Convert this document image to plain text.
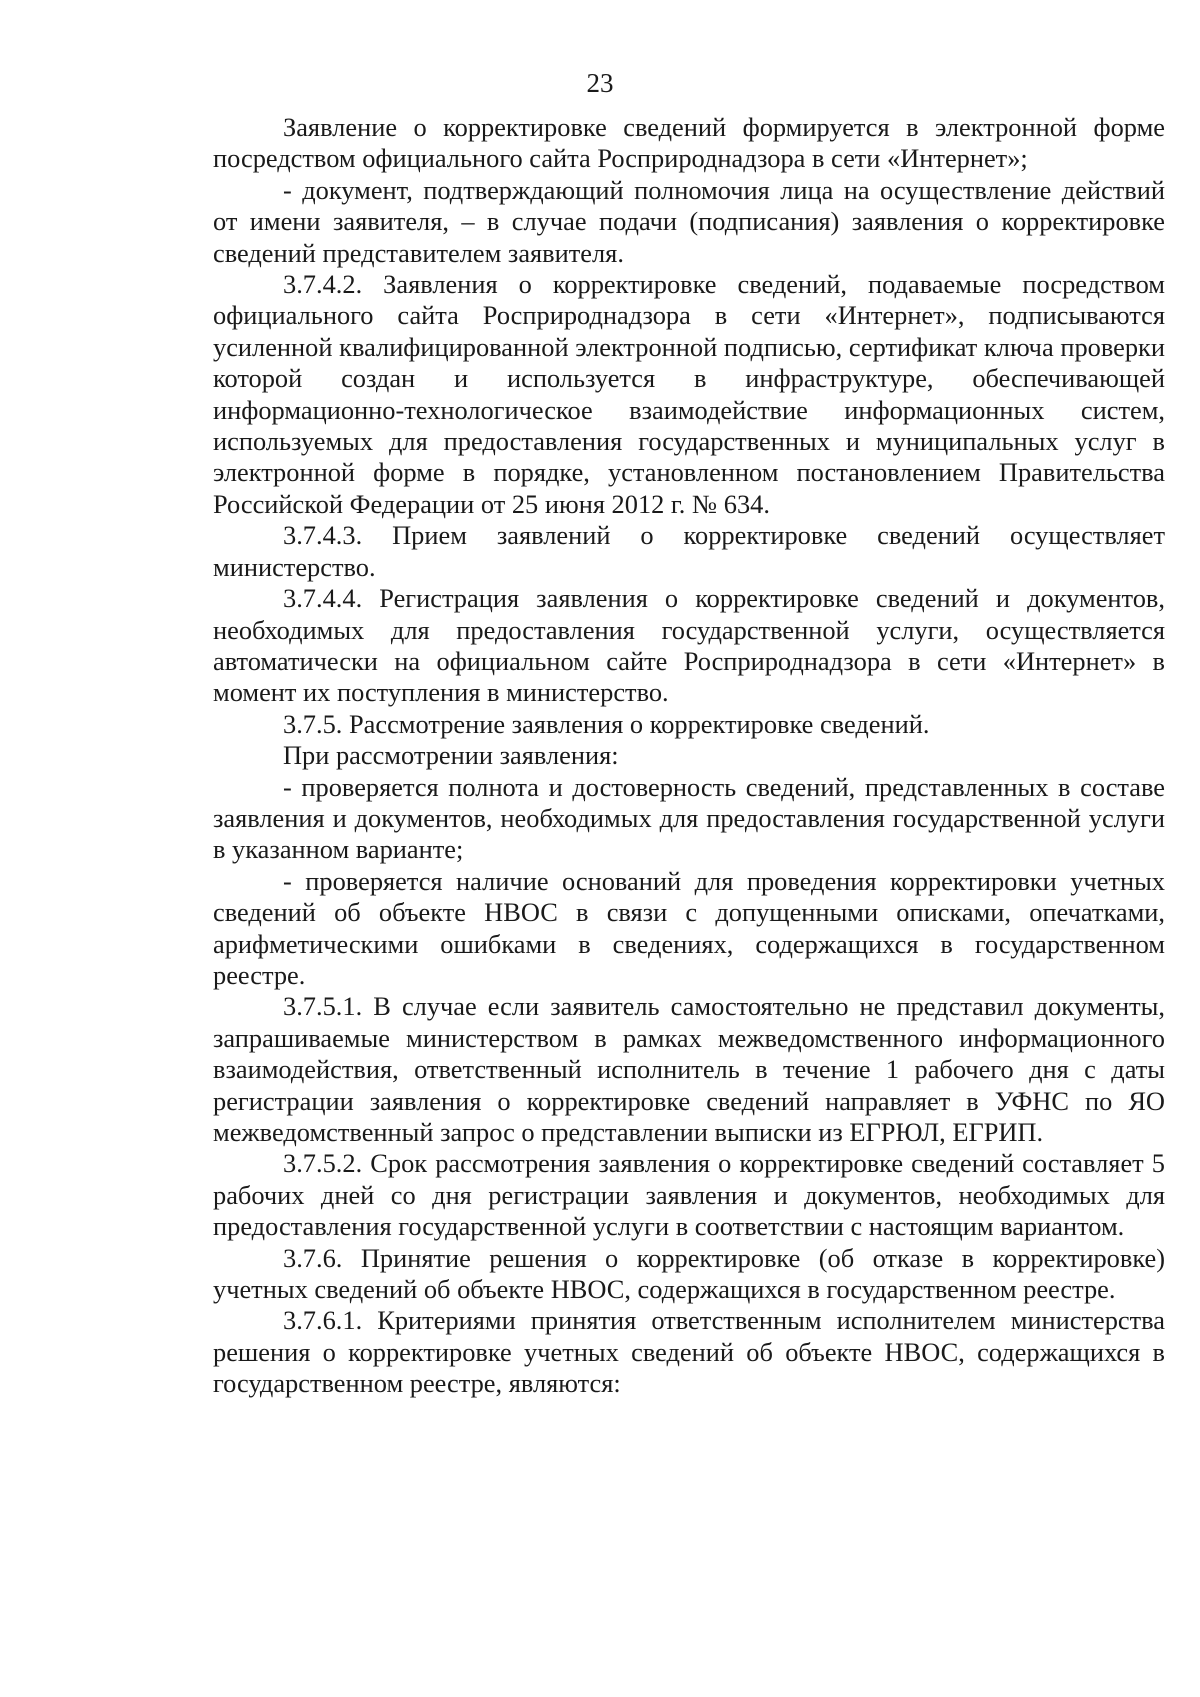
23

Заявление о корректировке сведений формируется в электронной форме посредством официального сайта Росприроднадзора в сети «Интернет»;

- документ, подтверждающий полномочия лица на осуществление действий от имени заявителя, – в случае подачи (подписания) заявления о корректировке сведений представителем заявителя.

3.7.4.2. Заявления о корректировке сведений, подаваемые посредством официального сайта Росприроднадзора в сети «Интернет», подписываются усиленной квалифицированной электронной подписью, сертификат ключа проверки которой создан и используется в инфраструктуре, обеспечивающей информационно-технологическое взаимодействие информационных систем, используемых для предоставления государственных и муниципальных услуг в электронной форме в порядке, установленном постановлением Правительства Российской Федерации от 25 июня 2012 г. № 634.

3.7.4.3. Прием заявлений о корректировке сведений осуществляет министерство.

3.7.4.4. Регистрация заявления о корректировке сведений и документов, необходимых для предоставления государственной услуги, осуществляется автоматически на официальном сайте Росприроднадзора в сети «Интернет» в момент их поступления в министерство.

3.7.5. Рассмотрение заявления о корректировке сведений.

При рассмотрении заявления:

- проверяется полнота и достоверность сведений, представленных в составе заявления и документов, необходимых для предоставления государственной услуги в указанном варианте;

- проверяется наличие оснований для проведения корректировки учетных сведений об объекте НВОС в связи с допущенными описками, опечатками, арифметическими ошибками в сведениях, содержащихся в государственном реестре.

3.7.5.1. В случае если заявитель самостоятельно не представил документы, запрашиваемые министерством в рамках межведомственного информационного взаимодействия, ответственный исполнитель в течение 1 рабочего дня с даты регистрации заявления о корректировке сведений направляет в УФНС по ЯО межведомственный запрос о представлении выписки из ЕГРЮЛ, ЕГРИП.

3.7.5.2. Срок рассмотрения заявления о корректировке сведений составляет 5 рабочих дней со дня регистрации заявления и документов, необходимых для предоставления государственной услуги в соответствии с настоящим вариантом.

3.7.6. Принятие решения о корректировке (об отказе в корректировке) учетных сведений об объекте НВОС, содержащихся в государственном реестре.

3.7.6.1. Критериями принятия ответственным исполнителем министерства решения о корректировке учетных сведений об объекте НВОС, содержащихся в государственном реестре, являются:
